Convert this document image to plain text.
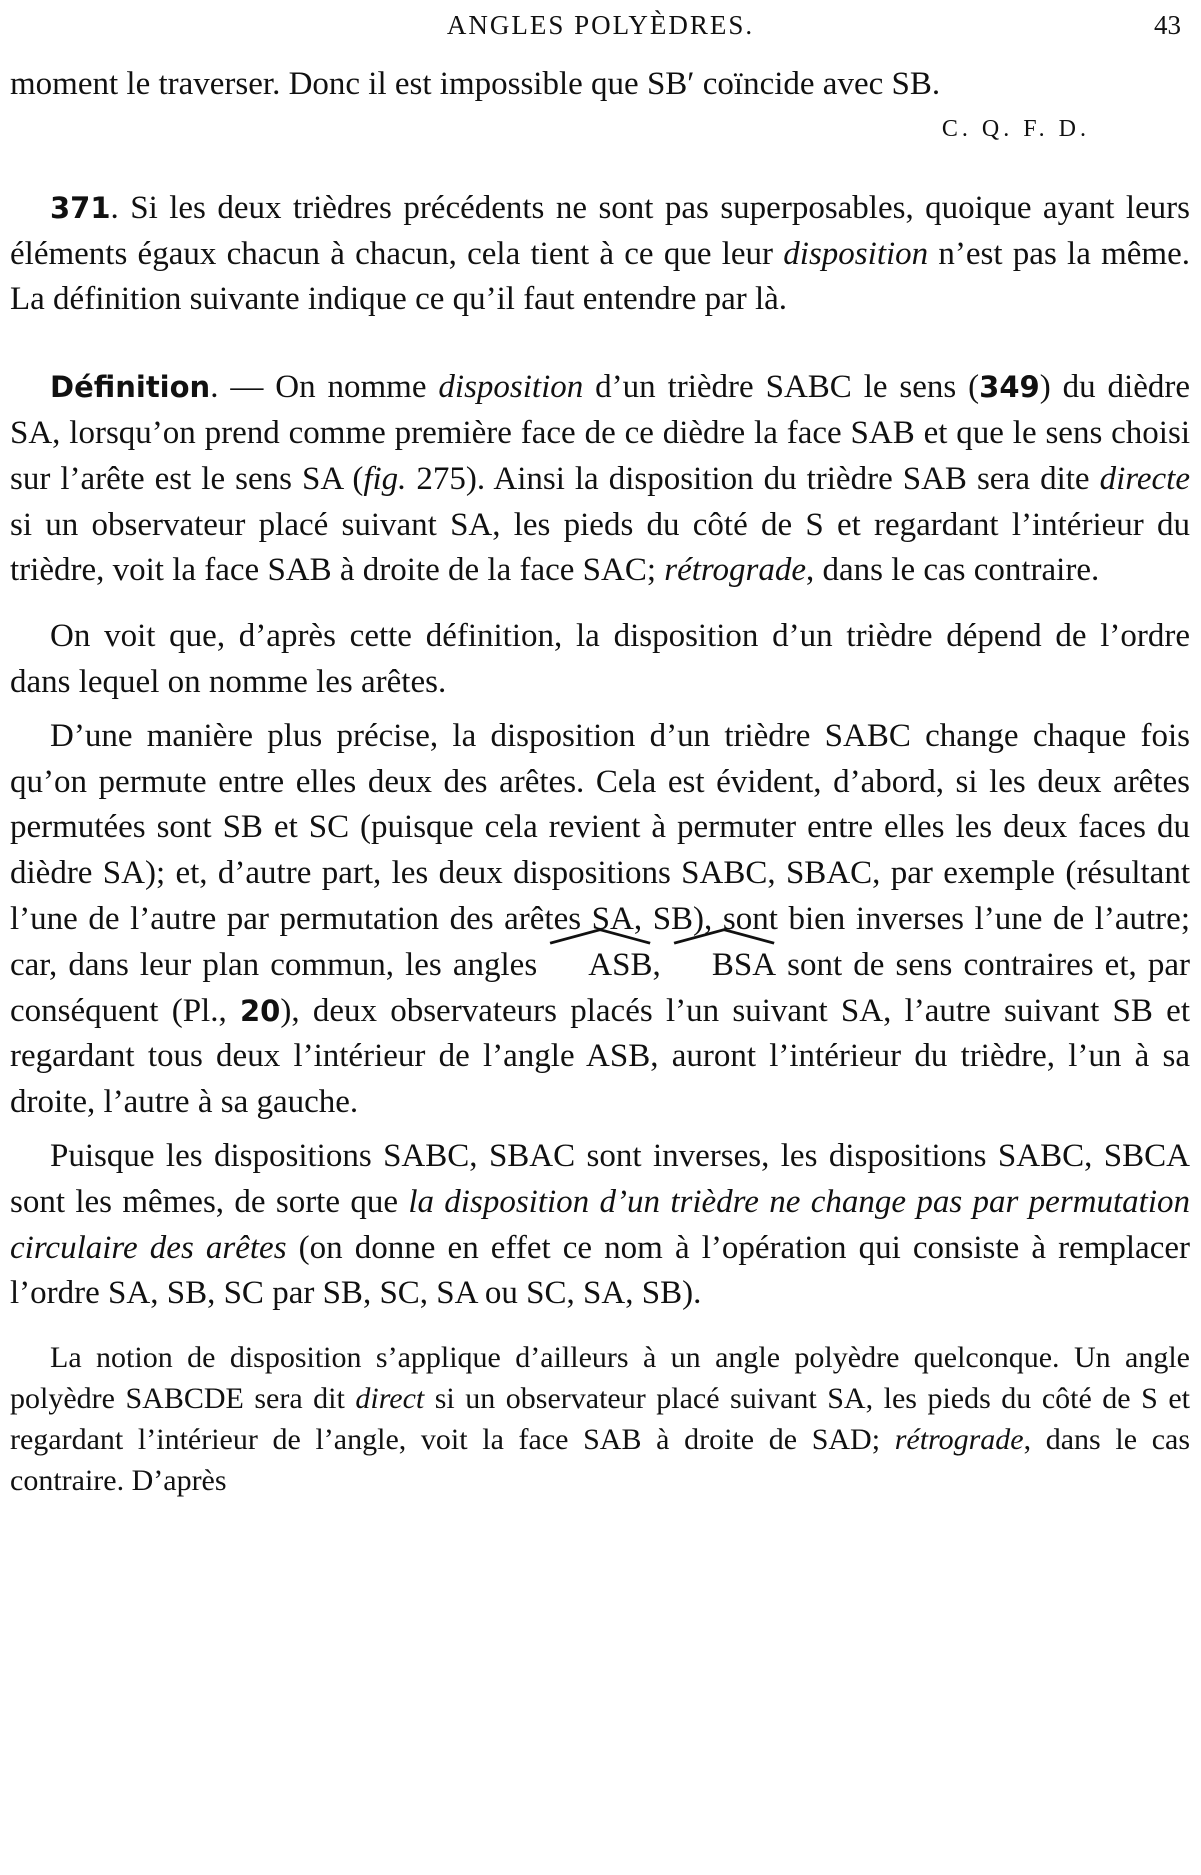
ANGLES POLYÈDRES.	43

moment le traverser. Donc il est impossible que SB′ coïncide avec SB.

C. Q. F. D.

371. Si les deux trièdres précédents ne sont pas superposables, quoique ayant leurs éléments égaux chacun à chacun, cela tient à ce que leur disposition n’est pas la même. La définition suivante indique ce qu’il faut entendre par là.

Définition. — On nomme disposition d’un trièdre SABC le sens (349) du dièdre SA, lorsqu’on prend comme première face de ce dièdre la face SAB et que le sens choisi sur l’arête est le sens SA (fig. 275). Ainsi la disposition du trièdre SAB sera dite directe si un observateur placé suivant SA, les pieds du côté de S et regardant l’intérieur du trièdre, voit la face SAB à droite de la face SAC; rétrograde, dans le cas contraire.

On voit que, d’après cette définition, la disposition d’un trièdre dépend de l’ordre dans lequel on nomme les arêtes.

D’une manière plus précise, la disposition d’un trièdre SABC change chaque fois qu’on permute entre elles deux des arêtes. Cela est évident, d’abord, si les deux arêtes permutées sont SB et SC (puisque cela revient à permuter entre elles les deux faces du dièdre SA); et, d’autre part, les deux dispositions SABC, SBAC, par exemple (résultant l’une de l’autre par permutation des arêtes SA, SB), sont bien inverses l’une de l’autre; car, dans leur plan commun, les angles
ASB,
BSA sont de sens contraires et, par conséquent (Pl., 20), deux observateurs placés l’un suivant SA, l’autre suivant SB et regardant tous deux l’intérieur de l’angle ASB, auront l’intérieur du trièdre, l’un à sa droite, l’autre à sa gauche.

Puisque les dispositions SABC, SBAC sont inverses, les dispositions SABC, SBCA sont les mêmes, de sorte que la disposition d’un trièdre ne change pas par permutation circulaire des arêtes (on donne en effet ce nom à l’opération qui consiste à remplacer l’ordre SA, SB, SC par SB, SC, SA ou SC, SA, SB).

La notion de disposition s’applique d’ailleurs à un angle polyèdre quelconque. Un angle polyèdre SABCDE sera dit direct si un observateur placé suivant SA, les pieds du côté de S et regardant l’intérieur de l’angle, voit la face SAB à droite de SAD; rétrograde, dans le cas contraire. D’après
